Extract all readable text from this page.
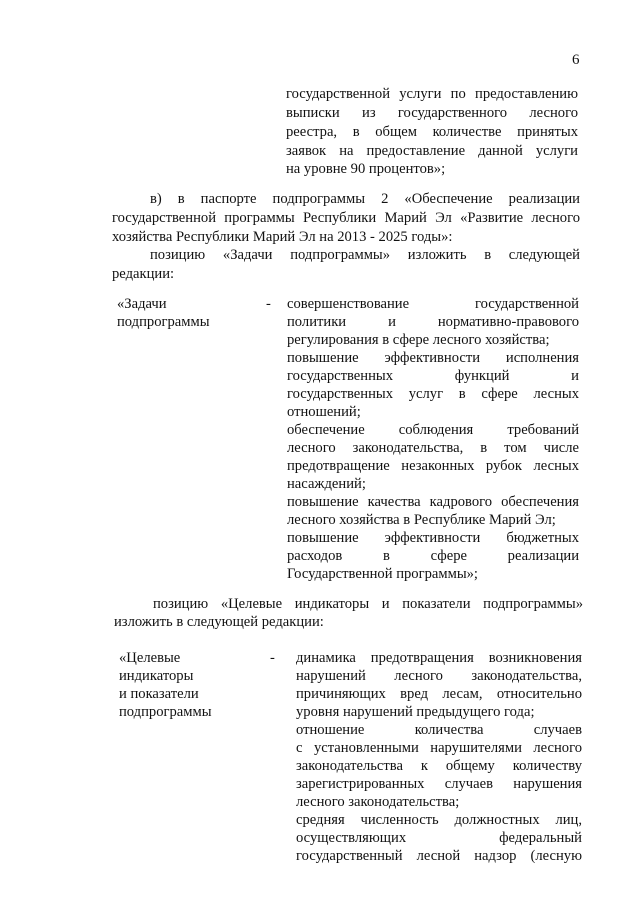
6
государственной услуги по предоставлению
выписки из государственного лесного
реестра, в общем количестве принятых
заявок на предоставление данной услуги
на уровне 90 процентов»;
в) в паспорте подпрограммы 2 «Обеспечение реализации
государственной программы Республики Марий Эл «Развитие лесного
хозяйства Республики Марий Эл на 2013 - 2025 годы»:
позицию «Задачи подпрограммы» изложить в следующей
редакции:
«Задачи
подпрограммы
- совершенствование государственной
политики и нормативно-правового
регулирования в сфере лесного хозяйства;
повышение эффективности исполнения
государственных функций и
государственных услуг в сфере лесных
отношений;
обеспечение соблюдения требований
лесного законодательства, в том числе
предотвращение незаконных рубок лесных
насаждений;
повышение качества кадрового обеспечения
лесного хозяйства в Республике Марий Эл;
повышение эффективности бюджетных
расходов в сфере реализации
Государственной программы»;
позицию «Целевые индикаторы и показатели подпрограммы»
изложить в следующей редакции:
«Целевые
индикаторы
и показатели
подпрограммы
- динамика предотвращения возникновения
нарушений лесного законодательства,
причиняющих вред лесам, относительно
уровня нарушений предыдущего года;
отношение количества случаев
с установленными нарушителями лесного
законодательства к общему количеству
зарегистрированных случаев нарушения
лесного законодательства;
средняя численность должностных лиц,
осуществляющих федеральный
государственный лесной надзор (лесную
